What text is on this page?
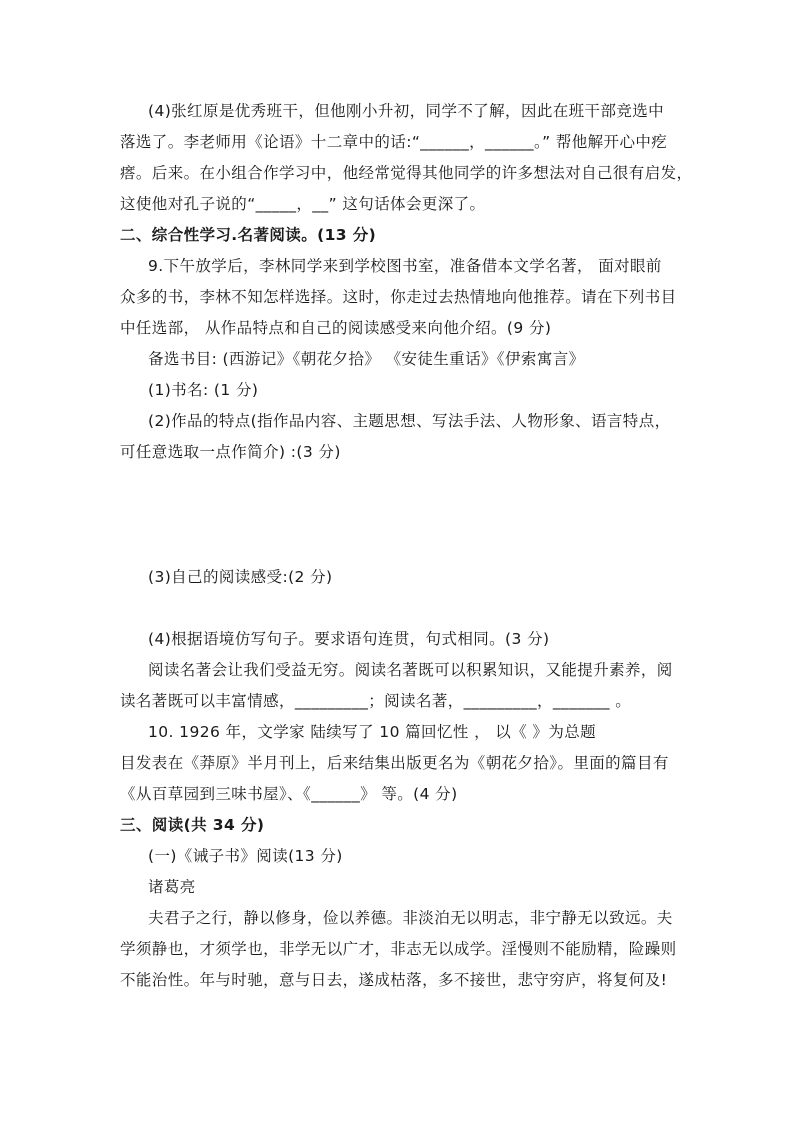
(4)张红原是优秀班干，但他刚小升初，同学不了解，因此在班干部竞选中
落选了。李老师用《论语》十二章中的话:“______，______。” 帮他解开心中疙
瘩。后来。在小组合作学习中，他经常觉得其他同学的许多想法对自己很有启发，
这使他对孔子说的“_____，__” 这句话体会更深了。
二、综合性学习.名著阅读。(13 分)
9.下午放学后，李林同学来到学校图书室，准备借本文学名著， 面对眼前
众多的书，李林不知怎样选择。这时，你走过去热情地向他推荐。请在下列书目
中任选部， 从作品特点和自己的阅读感受来向他介绍。(9 分)
备选书目: (西游记》《朝花夕拾》 《安徒生重话》《伊索寓言》
(1)书名: (1 分)
(2)作品的特点(指作品内容、主题思想、写法手法、人物形象、语言特点，
可任意选取一点作简介) :(3 分)
(3)自己的阅读感受:(2 分)
(4)根据语境仿写句子。要求语句连贯，句式相同。(3 分)
阅读名著会让我们受益无穷。阅读名著既可以积累知识，又能提升素养，阅
读名著既可以丰富情感，_________；阅读名著，_________，_______ 。
10. 1926 年，文学家 陆续写了 10 篇回忆性 ， 以《 》为总题
目发表在《莽原》半月刊上，后来结集出版更名为《朝花夕拾》。里面的篇目有
《从百草园到三味书屋》、《______》 等。(4 分)
三、阅读(共 34 分)
(一)《诫子书》阅读(13 分)
诸葛亮
夫君子之行，静以修身，俭以养德。非淡泊无以明志，非宁静无以致远。夫
学须静也，才须学也，非学无以广才，非志无以成学。淫慢则不能励精，险躁则
不能治性。年与时驰，意与日去，遂成枯落，多不接世，悲守穷庐，将复何及!
